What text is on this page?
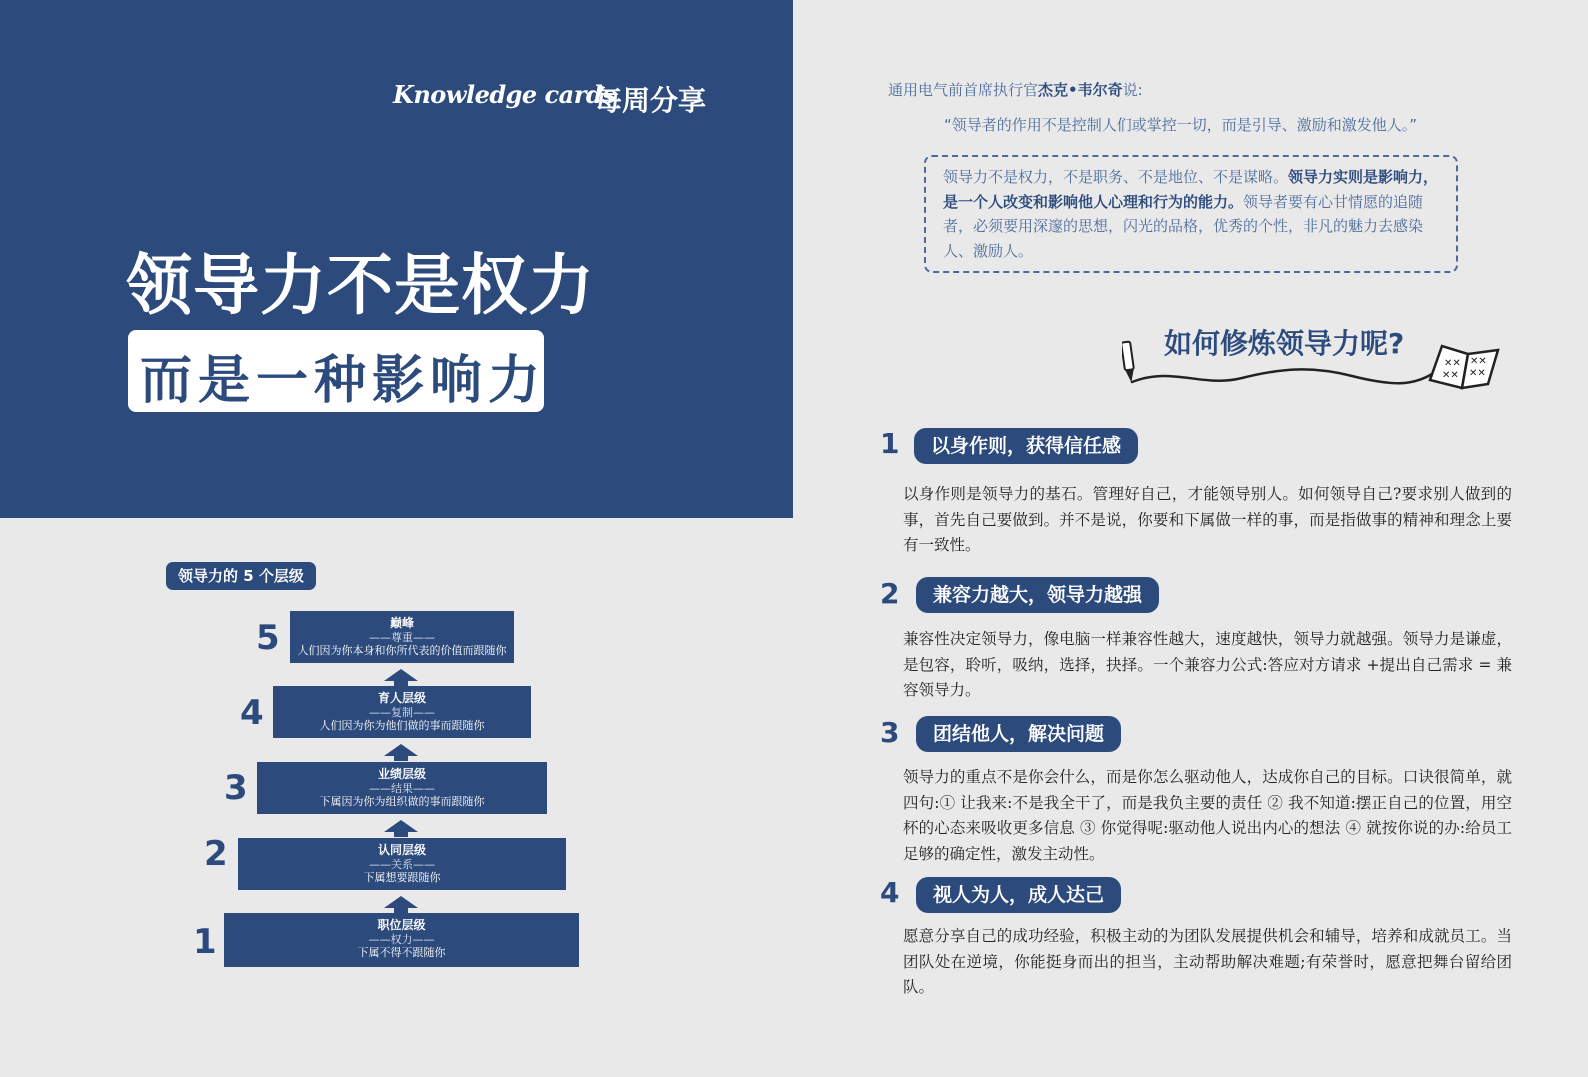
Knowledge cards
每周分享
领导力不是权力
而是一种影响力
领导力的 5 个层级
5	巅峰
——尊重——
人们因为你本身和你所代表的价值而跟随你
4	育人层级
——复制——
人们因为你为他们做的事而跟随你
3	业绩层级
——结果——
下属因为你为组织做的事而跟随你
2	认同层级
——关系——
下属想要跟随你
1	职位层级
——权力——
下属不得不跟随你
通用电气前首席执行官杰克•韦尔奇说:
“领导者的作用不是控制人们或掌控一切，而是引导、激励和激发他人。”
领导力不是权力，不是职务、不是地位、不是谋略。领导力实则是影响力，是一个人改变和影响他人心理和行为的能力。领导者要有心甘情愿的追随者，必须要用深邃的思想，闪光的品格，优秀的个性，非凡的魅力去感染人、激励人。
如何修炼领导力呢?
✕✕
✕✕
✕✕
✕✕
1	以身作则，获得信任感
以身作则是领导力的基石。管理好自己，才能领导别人。如何领导自己?要求别人做到的事，首先自己要做到。并不是说，你要和下属做一样的事，而是指做事的精神和理念上要有一致性。
2	兼容力越大，领导力越强
兼容性决定领导力，像电脑一样兼容性越大，速度越快，领导力就越强。领导力是谦虚，是包容，聆听，吸纳，选择，抉择。一个兼容力公式:答应对方请求 +提出自己需求 = 兼容领导力。
3	团结他人，解决问题
领导力的重点不是你会什么，而是你怎么驱动他人，达成你自己的目标。口诀很简单，就四句:① 让我来:不是我全干了，而是我负主要的责任 ② 我不知道:摆正自己的位置，用空杯的心态来吸收更多信息 ③ 你觉得呢:驱动他人说出内心的想法 ④ 就按你说的办:给员工足够的确定性，激发主动性。
4	视人为人，成人达己
愿意分享自己的成功经验，积极主动的为团队发展提供机会和辅导，培养和成就员工。当团队处在逆境，你能挺身而出的担当，主动帮助解决难题;有荣誉时，愿意把舞台留给团队。
